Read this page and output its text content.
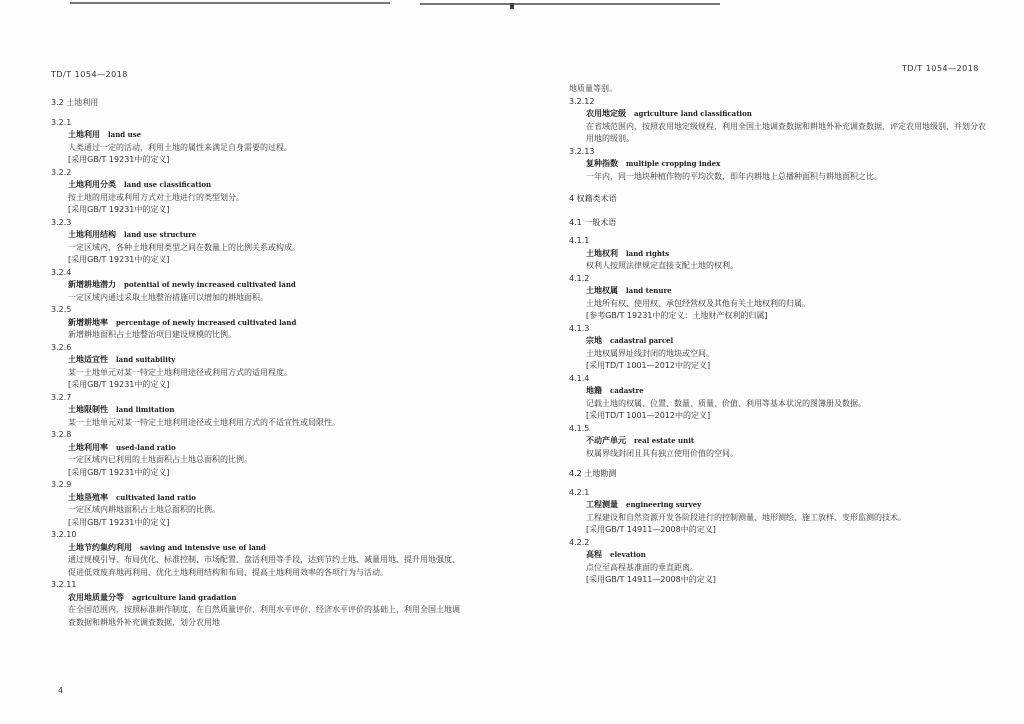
TD/T 1054—2018
3.2 土地利用
3.2.1
土地利用 land use
人类通过一定的活动，利用土地的属性来满足自身需要的过程。
[采用GB/T 19231中的定义]
3.2.2
土地利用分类 land use classification
按土地的用途或利用方式对土地进行的类型划分。
[采用GB/T 19231中的定义]
3.2.3
土地利用结构 land use structure
一定区域内，各种土地利用类型之间在数量上的比例关系或构成。
[采用GB/T 19231中的定义]
3.2.4
新增耕地潜力 potential of newly increased cultivated land
一定区域内通过采取土地整治措施可以增加的耕地面积。
3.2.5
新增耕地率 percentage of newly increased cultivated land
新增耕地面积占土地整治项目建设规模的比例。
3.2.6
土地适宜性 land suitability
某一土地单元对某一特定土地利用途径或利用方式的适用程度。
[采用GB/T 19231中的定义]
3.2.7
土地限制性 land limitation
某一土地单元对某一特定土地利用途径或土地利用方式的不适宜性或局限性。
3.2.8
土地利用率 used-land ratio
一定区域内已利用的土地面积占土地总面积的比例。
[采用GB/T 19231中的定义]
3.2.9
土地垦殖率 cultivated land ratio
一定区域内耕地面积占土地总面积的比例。
[采用GB/T 19231中的定义]
3.2.10
土地节约集约利用 saving and intensive use of land
通过规模引导、布局优化、标准控制、市场配置、盘活利用等手段，达到节约土地、减量用地、提升用地强度、促进低效废弃地再利用、优化土地利用结构和布局、提高土地利用效率的各项行为与活动。
3.2.11
农用地质量分等 agriculture land gradation
在全国范围内，按照标准耕作制度，在自然质量评价、利用水平评价、经济水平评价的基础上，利用全国土地调查数据和耕地外补充调查数据，划分农用地
4
TD/T 1054—2018
地质量等别。
3.2.12
农用地定级 agriculture land classification
在省域范围内，按照农用地定级规程，利用全国土地调查数据和耕地外补充调查数据，评定农用地级别，并划分农用地的级别。
3.2.13
复种指数 multiple cropping index
一年内，同一地块种植作物的平均次数，即年内耕地上总播种面积与耕地面积之比。
4 权籍类术语
4.1 一般术语
4.1.1
土地权利 land rights
权利人按照法律规定直接支配土地的权利。
4.1.2
土地权属 land tenure
土地所有权、使用权、承包经营权及其他有关土地权利的归属。
[参考GB/T 19231中的定义：土地财产权利的归属]
4.1.3
宗地 cadastral parcel
土地权属界址线封闭的地块或空间。
[采用TD/T 1001—2012中的定义]
4.1.4
地籍 cadastre
记载土地的权属、位置、数量、质量、价值、利用等基本状况的图簿册及数据。
[采用TD/T 1001—2012中的定义]
4.1.5
不动产单元 real estate unit
权属界线封闭且具有独立使用价值的空间。
4.2 土地勘测
4.2.1
工程测量 engineering survey
工程建设和自然资源开发各阶段进行的控制测量、地形测绘、施工放样、变形监测的技术。
[采用GB/T 14911—2008中的定义]
4.2.2
高程 elevation
点位至高程基准面的垂直距离。
[采用GB/T 14911—2008中的定义]
